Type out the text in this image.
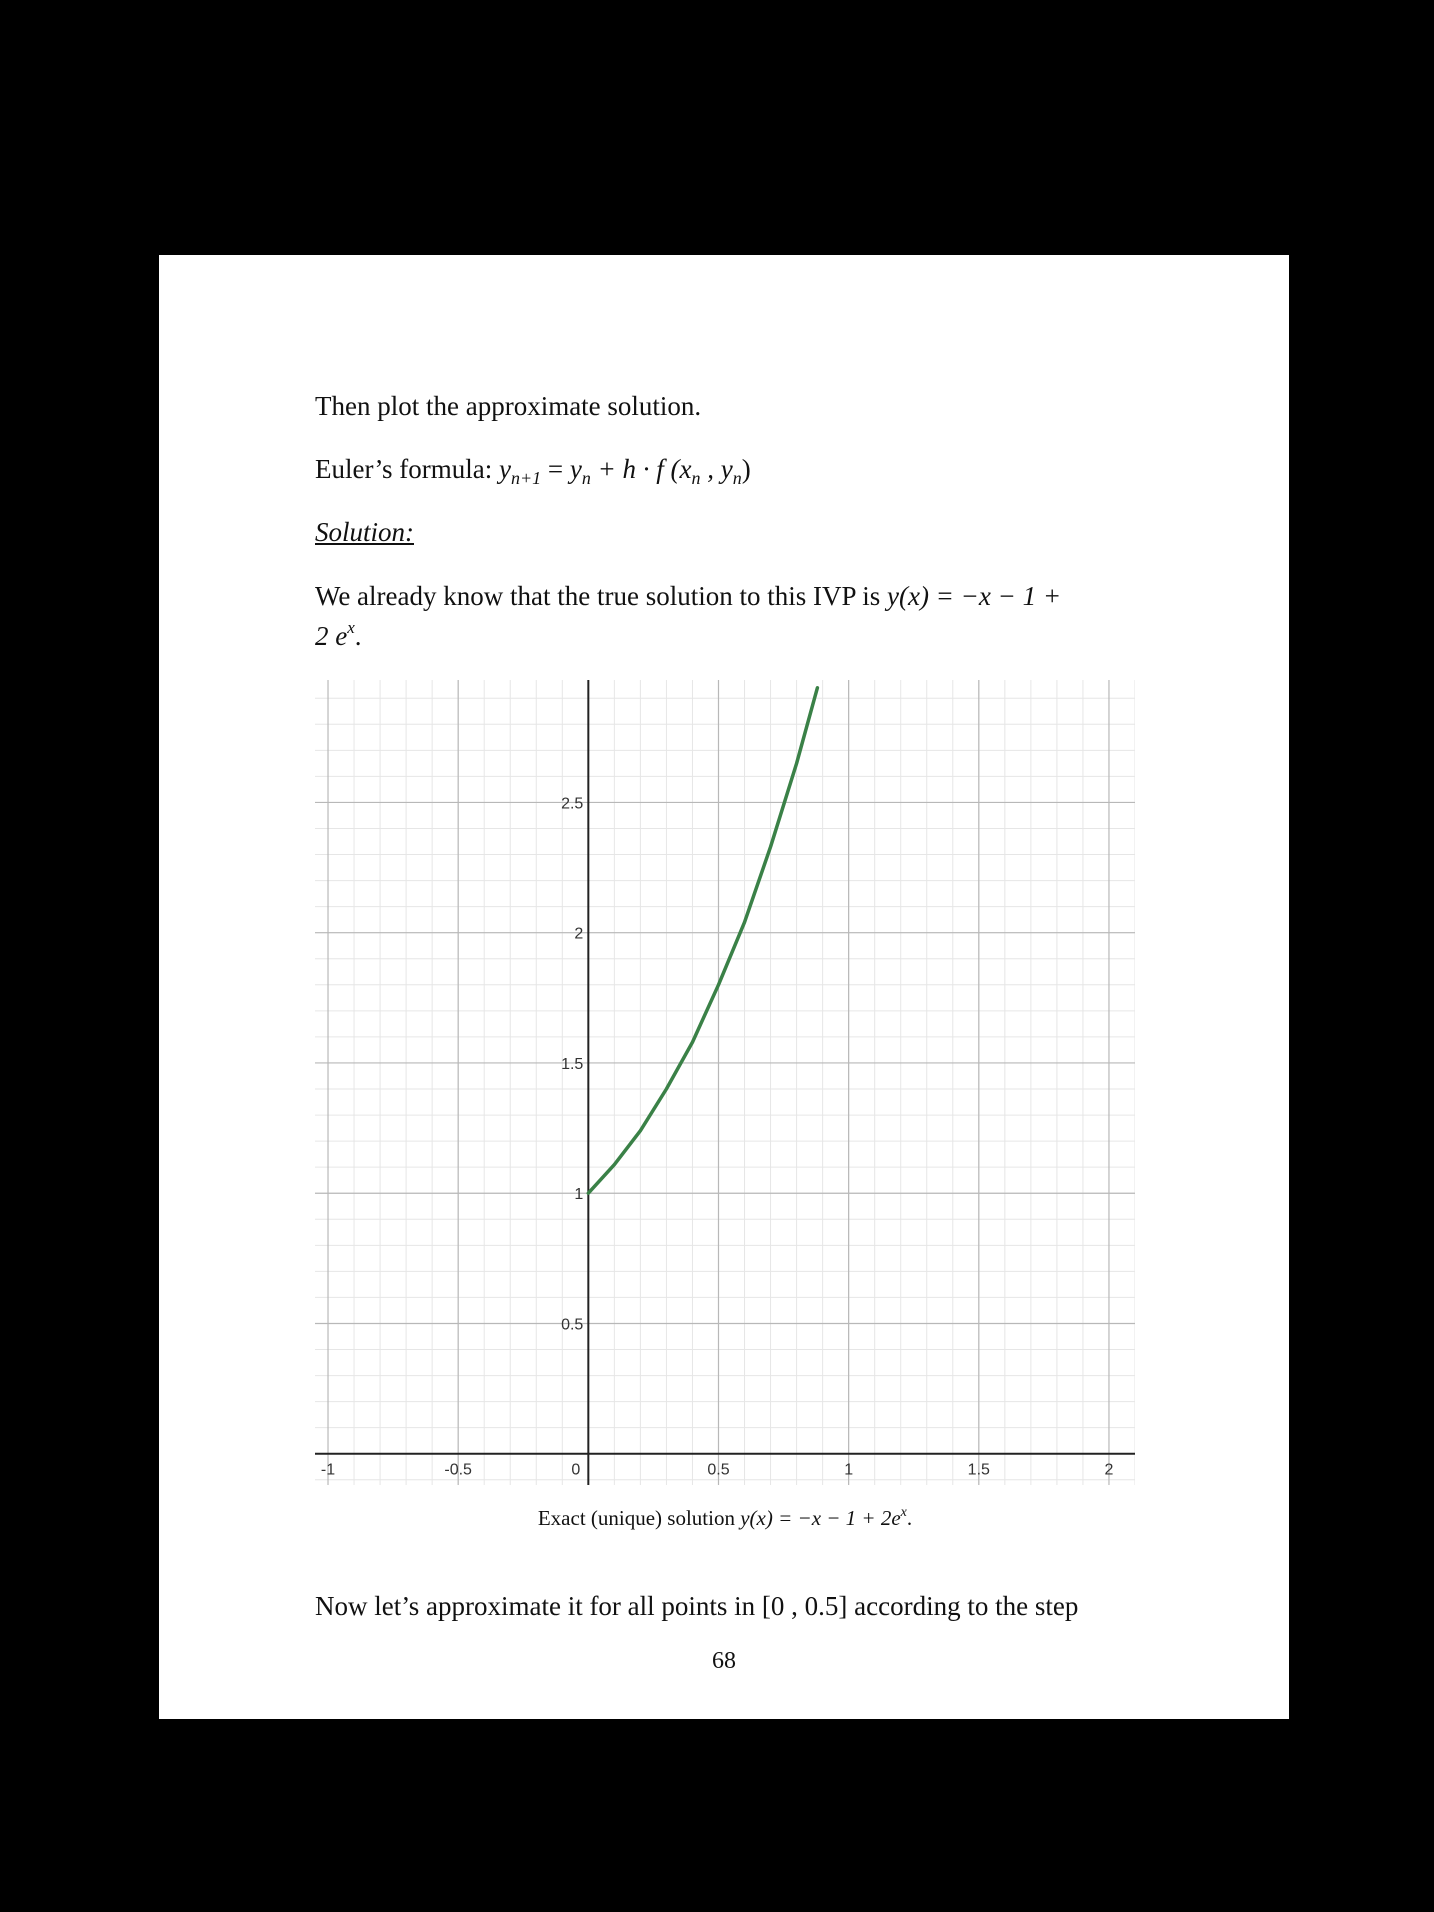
Then plot the approximate solution.

Euler’s formula: $y_{n+1} = y_n + h \cdot f$ ($x_n$ , $y_n$)

Solution:

We already know that the true solution to this IVP is y(x) = −x − 1 +
2 $e^x$.

-1	-0.5	0	0.5	1	1.5	2
0.5
1
1.5
2
2.5
Exact (unique) solution $y(x) = -x - 1 + 2e^x$.

Now let’s approximate it for all points in [0 , 0.5] according to the step

68
